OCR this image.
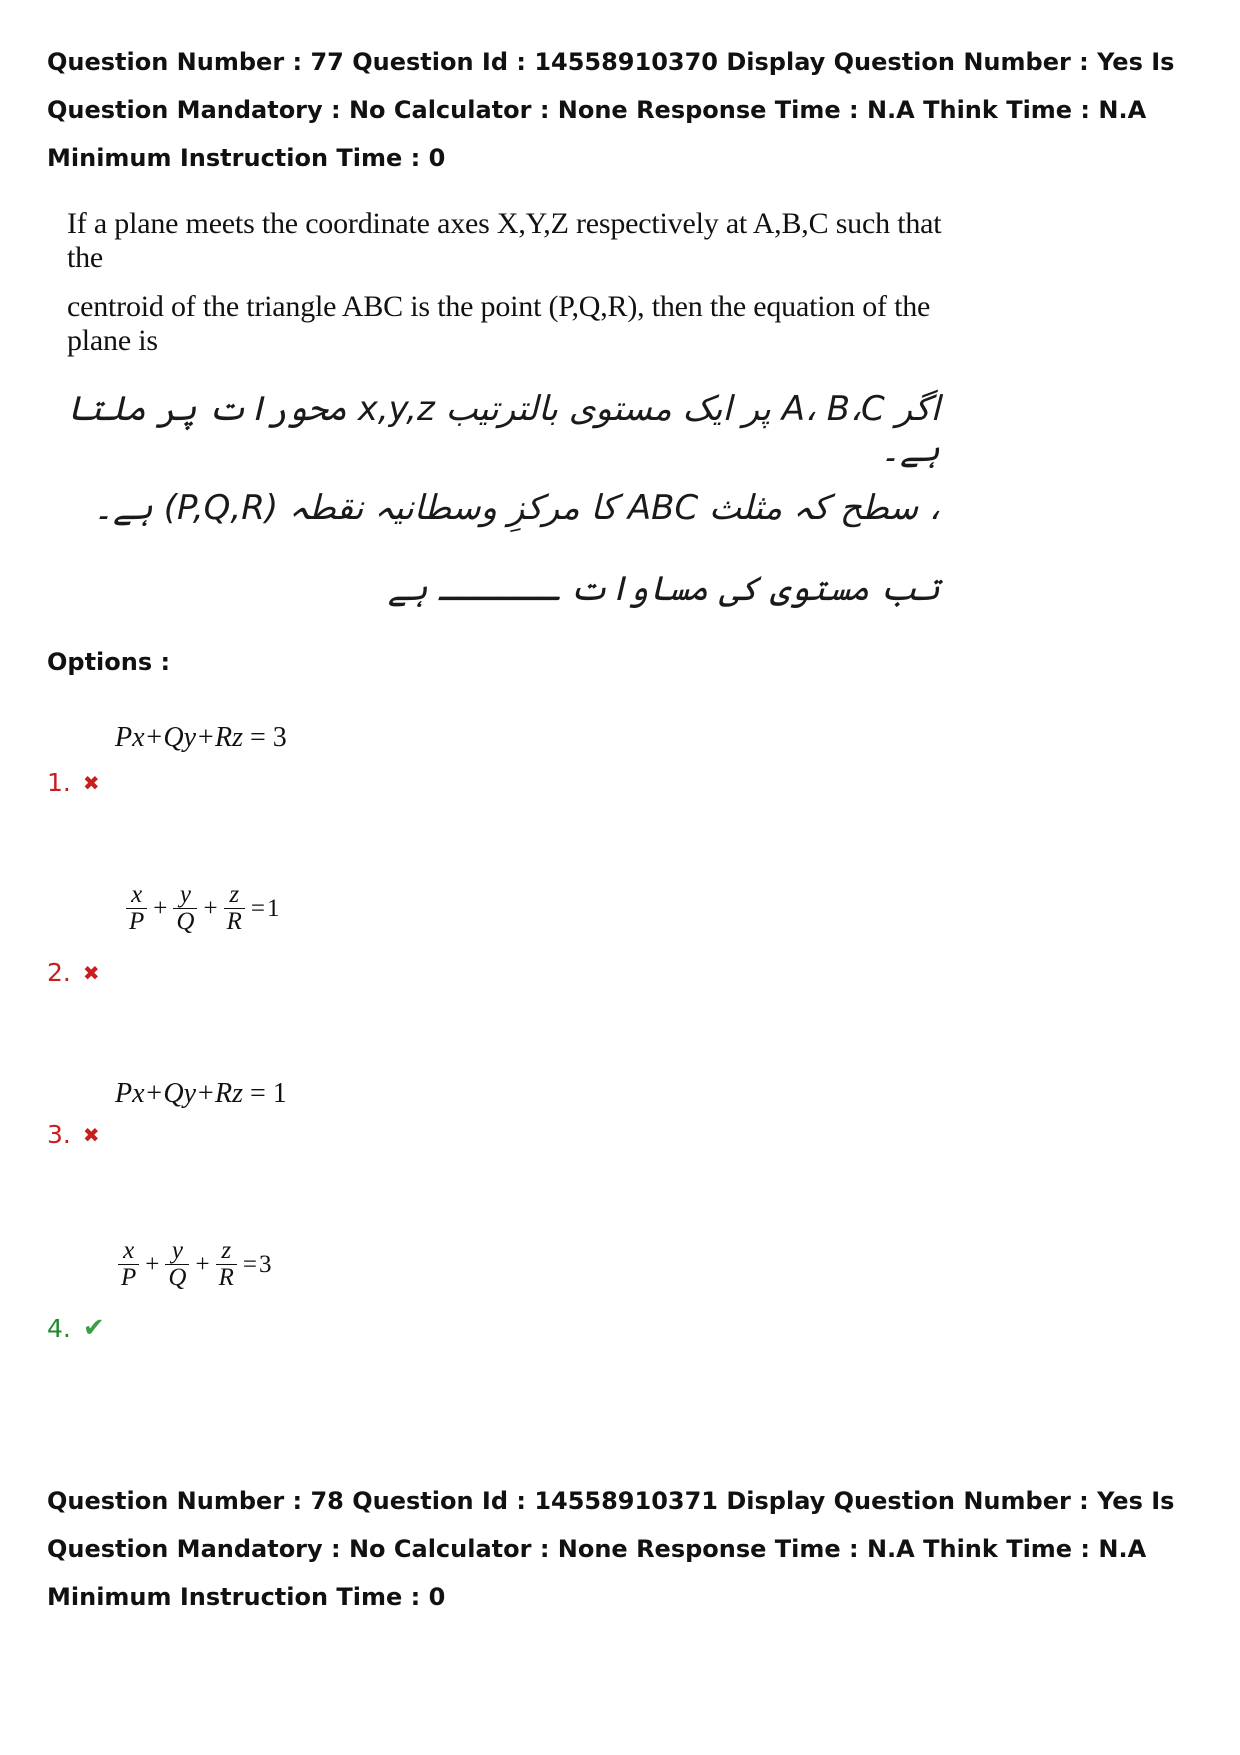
Question Number : 77 Question Id : 14558910370 Display Question Number : Yes Is Question Mandatory : No Calculator : None Response Time : N.A Think Time : N.A Minimum Instruction Time : 0
If a plane meets the coordinate axes X,Y,Z respectively at A,B,C such that the
centroid of the triangle ABC is the point (P,Q,R), then the equation of the plane is
اگر A، B،C پر ایک مستوی بالترتیب x,y,z محورات پر ملتا ہے۔
، سطح کہ مثلث ABC کا مرکزِ وسطانیہ نقطہ (P,Q,R) ہے۔
تب مستوی کی مساوات ــــــ ہے
Options :
Px+Qy+Rz = 3
1. ✖
$\frac{x}{P} + \frac{y}{Q} + \frac{z}{R} = 1$
2. ✖
Px+Qy+Rz = 1
3. ✖
$\frac{x}{P} + \frac{y}{Q} + \frac{z}{R} = 3$
4. ✔
Question Number : 78 Question Id : 14558910371 Display Question Number : Yes Is Question Mandatory : No Calculator : None Response Time : N.A Think Time : N.A Minimum Instruction Time : 0
